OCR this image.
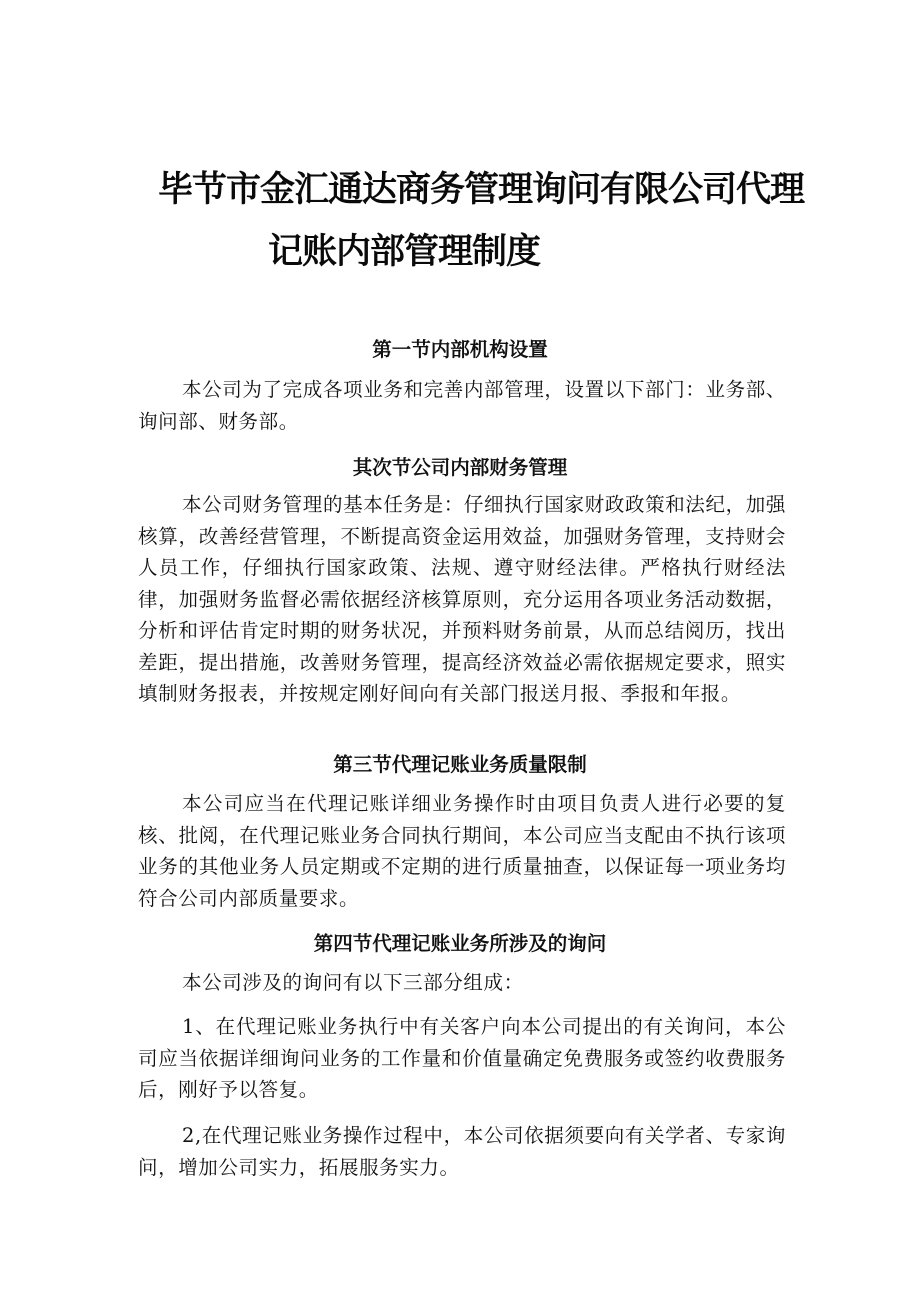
毕节市金汇通达商务管理询问有限公司代理
记账内部管理制度
第一节内部机构设置

本公司为了完成各项业务和完善内部管理，设置以下部门：业务部、询问部、财务部。

其次节公司内部财务管理

本公司财务管理的基本任务是：仔细执行国家财政政策和法纪，加强核算，改善经营管理，不断提高资金运用效益，加强财务管理，支持财会人员工作，仔细执行国家政策、法规、遵守财经法律。严格执行财经法律，加强财务监督必需依据经济核算原则，充分运用各项业务活动数据，分析和评估肯定时期的财务状况，并预料财务前景，从而总结阅历，找出差距，提出措施，改善财务管理，提高经济效益必需依据规定要求，照实填制财务报表，并按规定刚好间向有关部门报送月报、季报和年报。

第三节代理记账业务质量限制

本公司应当在代理记账详细业务操作时由项目负责人进行必要的复核、批阅，在代理记账业务合同执行期间，本公司应当支配由不执行该项业务的其他业务人员定期或不定期的进行质量抽查，以保证每一项业务均符合公司内部质量要求。

第四节代理记账业务所涉及的询问

本公司涉及的询问有以下三部分组成：

1、在代理记账业务执行中有关客户向本公司提出的有关询问，本公司应当依据详细询问业务的工作量和价值量确定免费服务或签约收费服务后，刚好予以答复。

2,在代理记账业务操作过程中，本公司依据须要向有关学者、专家询问，增加公司实力，拓展服务实力。
